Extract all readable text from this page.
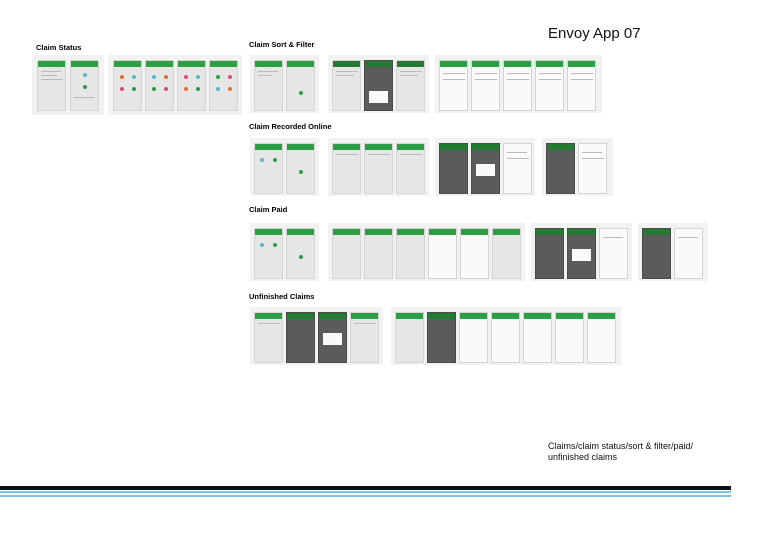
Envoy App 07
Claim Status	Claim Sort & Filter
Claim Recorded Online
Claim Paid
Unfinished Claims
Claims/claim status/sort & filter/paid/
unfinished claims
